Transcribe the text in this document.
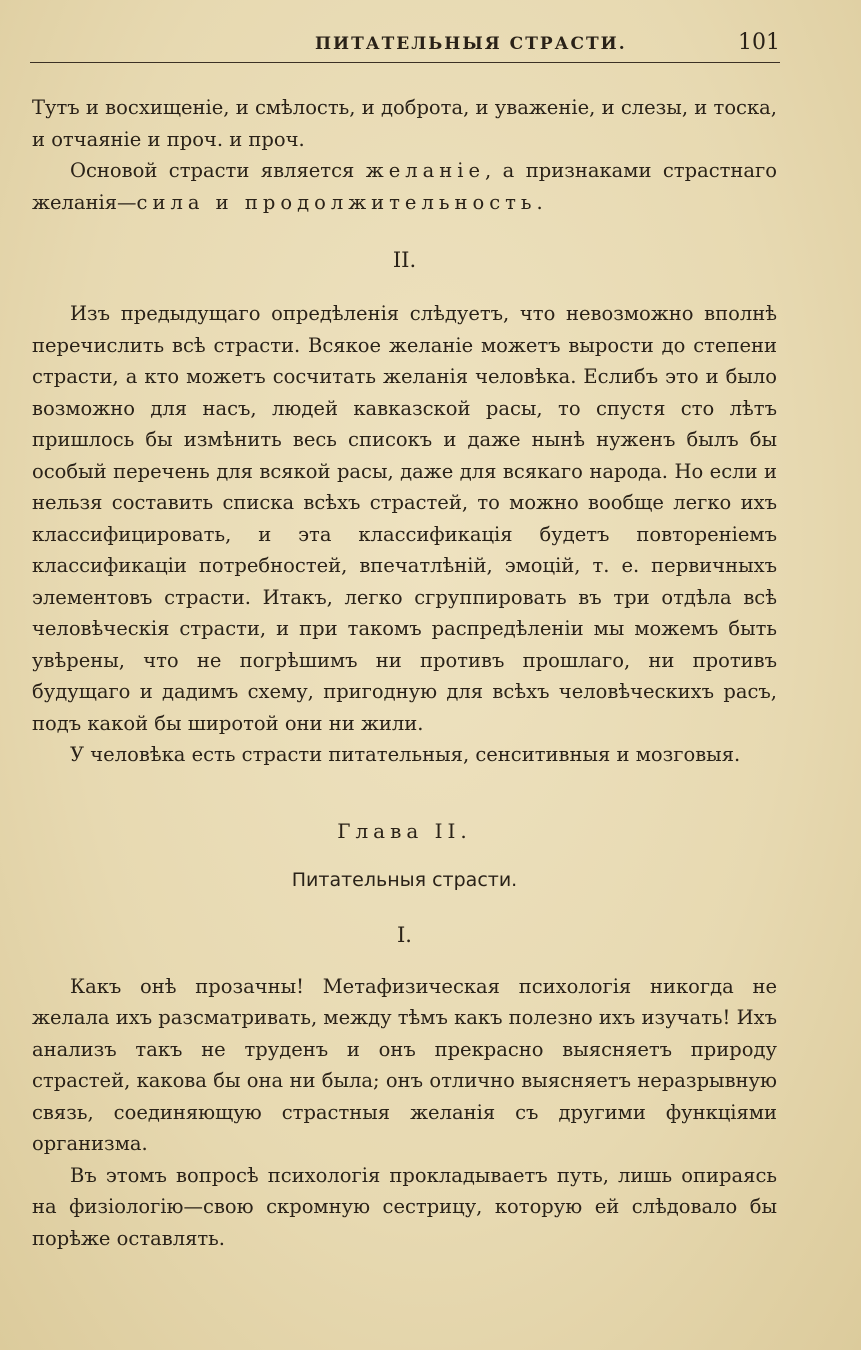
ПИТАТЕЛЬНЫЯ СТРАСТИ.	101

Тутъ и восхищеніе, и смѣлость, и доброта, и уваженіе, и слезы, и тоска, и отчаяніе и проч. и проч.

Основой страсти является желаніе, а признаками страстнаго желанія—сила и продолжительность.

II.

Изъ предыдущаго опредѣленія слѣдуетъ, что невозможно вполнѣ перечислить всѣ страсти. Всякое желаніе можетъ вырости до степени страсти, а кто можетъ сосчитать желанія человѣка. Еслибъ это и было возможно для насъ, людей кавказской расы, то спустя сто лѣтъ пришлось бы измѣнить весь списокъ и даже нынѣ нуженъ былъ бы особый перечень для всякой расы, даже для всякаго народа. Но если и нельзя составить списка всѣхъ страстей, то можно вообще легко ихъ классифицировать, и эта классификація будетъ повтореніемъ классификаціи потребностей, впечатлѣній, эмоцій, т. е. первичныхъ элементовъ страсти. Итакъ, легко сгруппировать въ три отдѣла всѣ человѣческія страсти, и при такомъ распредѣленіи мы можемъ быть увѣрены, что не погрѣшимъ ни противъ прошлаго, ни противъ будущаго и дадимъ схему, пригодную для всѣхъ человѣческихъ расъ, подъ какой бы широтой они ни жили.

У человѣка есть страсти питательныя, сенситивныя и мозговыя.

Глава II.

Питательныя страсти.

I.

Какъ онѣ прозачны! Метафизическая психологія никогда не желала ихъ разсматривать, между тѣмъ какъ полезно ихъ изучать! Ихъ анализъ такъ не труденъ и онъ прекрасно выясняетъ природу страстей, какова бы она ни была; онъ отлично выясняетъ неразрывную связь, соединяющую страстныя желанія съ другими функціями организма.

Въ этомъ вопросѣ психологія прокладываетъ путь, лишь опираясь на физіологію—свою скромную сестрицу, которую ей слѣдовало бы порѣже оставлять.
